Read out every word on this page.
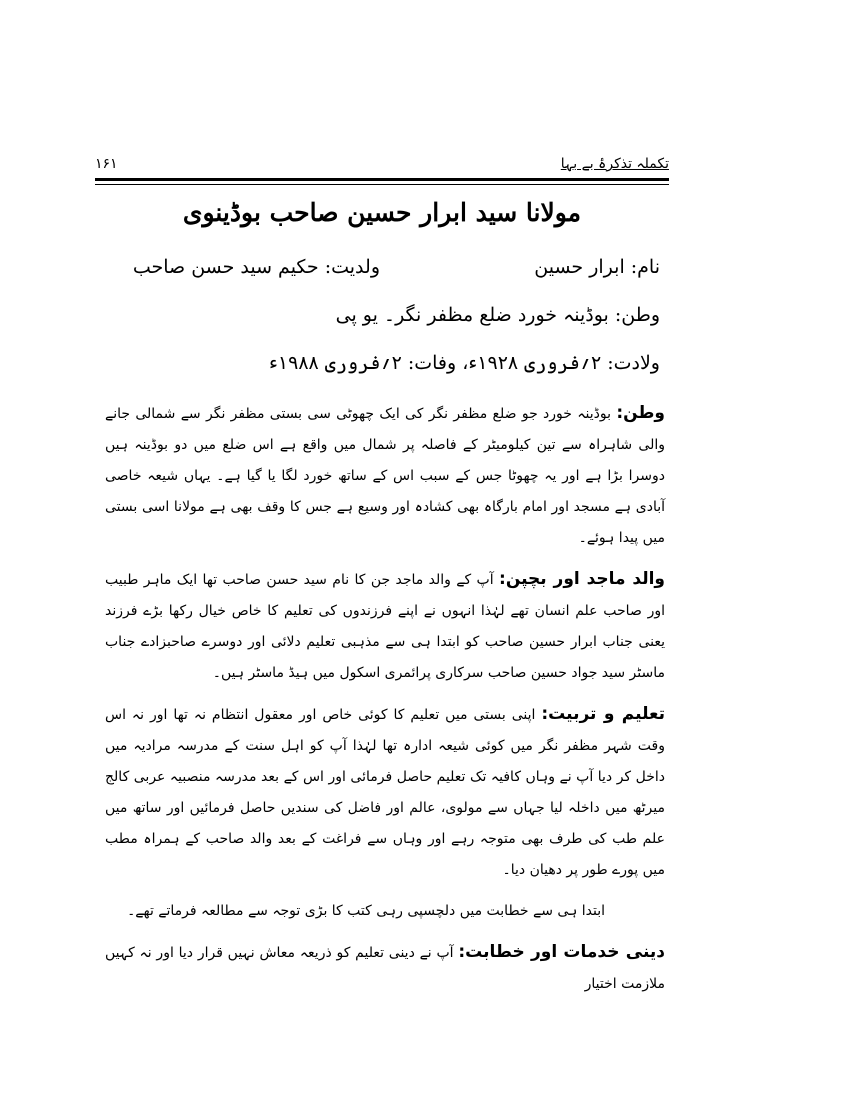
تکملہ تذکرۂ بے بہا
۱۶۱
مولانا سید ابرار حسین صاحب بوڈینوی
نام: ابرار حسین
ولدیت: حکیم سید حسن صاحب
وطن: بوڈینہ خورد ضلع مظفر نگر۔ یو پی
ولادت: ۲؍فروری ۱۹۲۸ء، وفات: ۲؍فروری ۱۹۸۸ء

وطن: بوڈینہ خورد جو ضلع مظفر نگر کی ایک چھوٹی سی بستی مظفر نگر سے شمالی جانے والی شاہراہ سے تین کیلومیٹر کے فاصلہ پر شمال میں واقع ہے اس ضلع میں دو بوڈینہ ہیں دوسرا بڑا ہے اور یہ چھوٹا جس کے سبب اس کے ساتھ خورد لگا یا گیا ہے۔ یہاں شیعہ خاصی آبادی ہے مسجد اور امام بارگاہ بھی کشادہ اور وسیع ہے جس کا وقف بھی ہے مولانا اسی بستی میں پیدا ہوئے۔

والد ماجد اور بچپن: آپ کے والد ماجد جن کا نام سید حسن صاحب تھا ایک ماہر طبیب اور صاحب علم انسان تھے لہٰذا انہوں نے اپنے فرزندوں کی تعلیم کا خاص خیال رکھا بڑے فرزند یعنی جناب ابرار حسین صاحب کو ابتدا ہی سے مذہبی تعلیم دلائی اور دوسرے صاحبزادے جناب ماسٹر سید جواد حسین صاحب سرکاری پرائمری اسکول میں ہیڈ ماسٹر ہیں۔

تعلیم و تربیت: اپنی بستی میں تعلیم کا کوئی خاص اور معقول انتظام نہ تھا اور نہ اس وقت شہر مظفر نگر میں کوئی شیعہ ادارہ تھا لہٰذا آپ کو اہل سنت کے مدرسہ مرادیہ میں داخل کر دیا آپ نے وہاں کافیہ تک تعلیم حاصل فرمائی اور اس کے بعد مدرسہ منصبیہ عربی کالج میرٹھ میں داخلہ لیا جہاں سے مولوی، عالم اور فاضل کی سندیں حاصل فرمائیں اور ساتھ میں علم طب کی طرف بھی متوجہ رہے اور وہاں سے فراغت کے بعد والد صاحب کے ہمراہ مطب میں پورے طور پر دھیان دیا۔

ابتدا ہی سے خطابت میں دلچسپی رہی کتب کا بڑی توجہ سے مطالعہ فرماتے تھے۔

دینی خدمات اور خطابت: آپ نے دینی تعلیم کو ذریعہ معاش نہیں قرار دیا اور نہ کہیں ملازمت اختیار
